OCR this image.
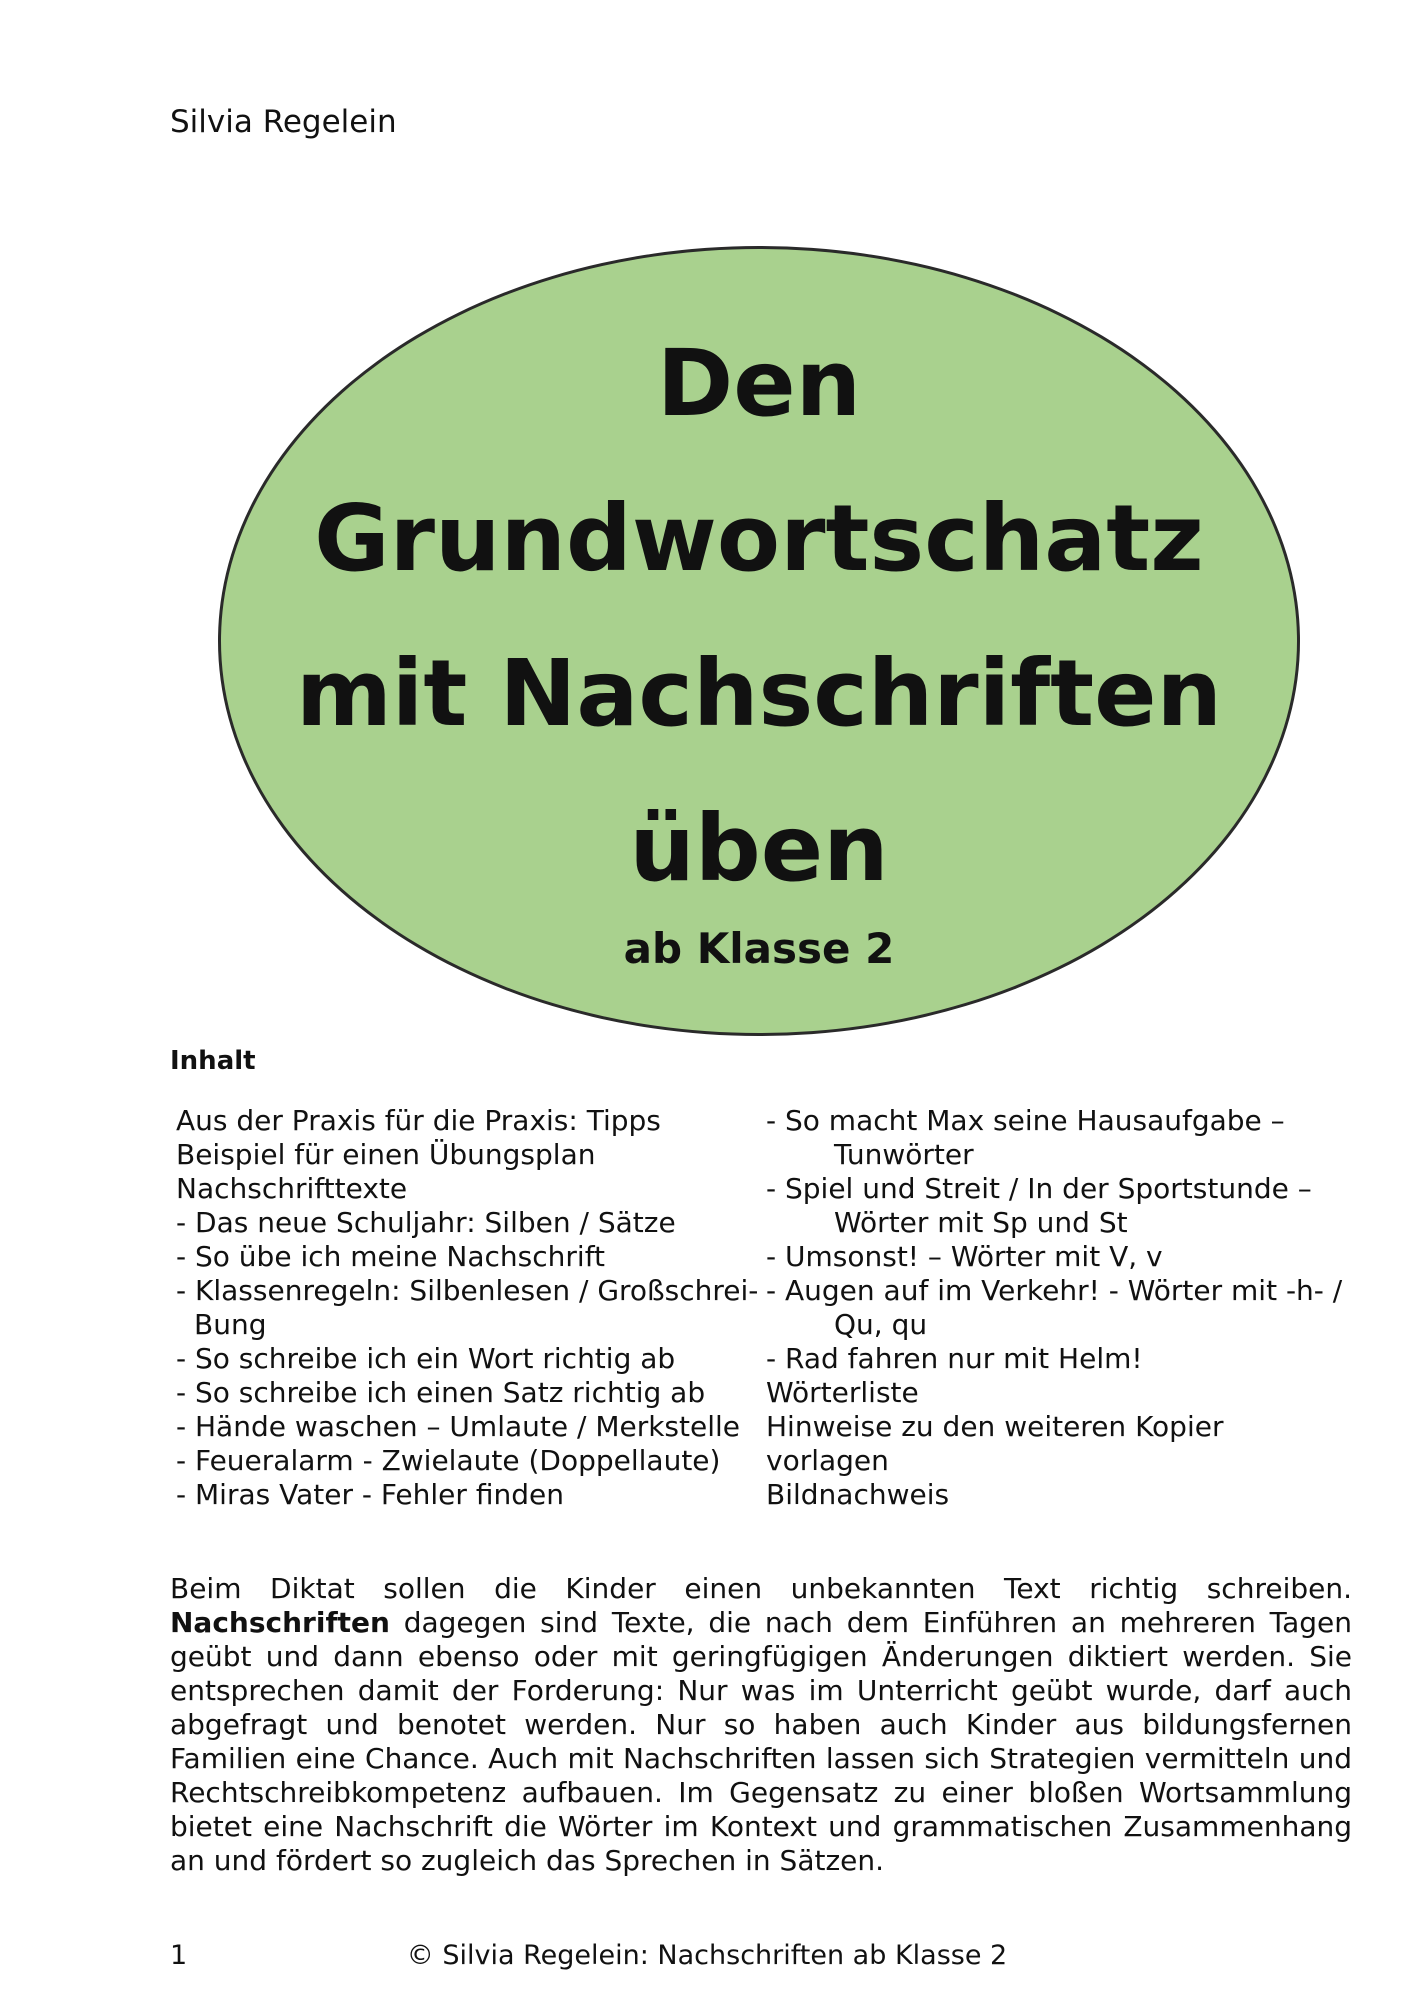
Silvia Regelein
Den
Grundwortschatz
mit Nachschriften
üben
ab Klasse 2
Inhalt
Aus der Praxis für die Praxis: Tipps
Beispiel für einen Übungsplan
Nachschrifttexte
- Das neue Schuljahr: Silben / Sätze
- So übe ich meine Nachschrift
- Klassenregeln: Silbenlesen / Großschrei-
Bung
- So schreibe ich ein Wort richtig ab
- So schreibe ich einen Satz richtig ab
- Hände waschen – Umlaute / Merkstelle
- Feueralarm - Zwielaute (Doppellaute)
- Miras Vater - Fehler finden
- So macht Max seine Hausaufgabe –
Tunwörter
- Spiel und Streit / In der Sportstunde –
Wörter mit Sp und St
- Umsonst! – Wörter mit V, v
- Augen auf im Verkehr! - Wörter mit -h- /
Qu, qu
- Rad fahren nur mit Helm!
Wörterliste
Hinweise zu den weiteren Kopier
vorlagen
Bildnachweis
Beim Diktat sollen die Kinder einen unbekannten Text richtig schreiben. Nachschriften dagegen sind Texte, die nach dem Einführen an mehreren Tagen geübt und dann ebenso oder mit geringfügigen Änderungen diktiert werden. Sie entsprechen damit der Forderung: Nur was im Unterricht geübt wurde, darf auch abgefragt und benotet werden. Nur so haben auch Kinder aus bildungsfernen Familien eine Chance. Auch mit Nachschriften lassen sich Strategien vermitteln und Rechtschreibkompetenz aufbauen. Im Gegensatz zu einer bloßen Wortsammlung bietet eine Nachschrift die Wörter im Kontext und grammatischen Zusammenhang an und fördert so zugleich das Sprechen in Sätzen.
1	© Silvia Regelein: Nachschriften ab Klasse 2
